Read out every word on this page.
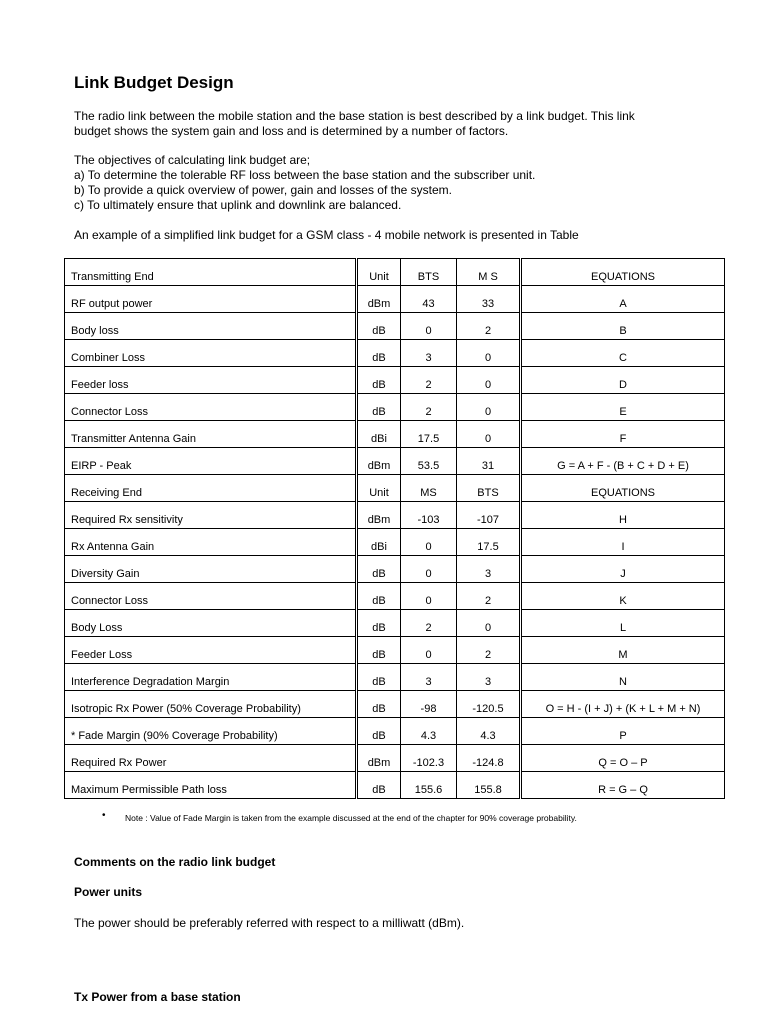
Link Budget Design

The radio link between the mobile station and the base station is best described by a link budget. This link
budget shows the system gain and loss and is determined by a number of factors.

The objectives of calculating link budget are;
a) To determine the tolerable RF loss between the base station and the subscriber unit.
b) To provide a quick overview of power, gain and losses of the system.
c) To ultimately ensure that uplink and downlink are balanced.

An example of a simplified link budget for a GSM class - 4 mobile network is presented in Table

Transmitting End	Unit	BTS	M S	EQUATIONS
RF output power	dBm	43	33	A
Body loss	dB	0	2	B
Combiner Loss	dB	3	0	C
Feeder loss	dB	2	0	D
Connector Loss	dB	2	0	E
Transmitter Antenna Gain	dBi	17.5	0	F
EIRP - Peak	dBm	53.5	31	G = A + F - (B + C + D + E)
Receiving End	Unit	MS	BTS	EQUATIONS
Required Rx sensitivity	dBm	-103	-107	H
Rx Antenna Gain	dBi	0	17.5	I
Diversity Gain	dB	0	3	J
Connector Loss	dB	0	2	K
Body Loss	dB	2	0	L
Feeder Loss	dB	0	2	M
Interference Degradation Margin	dB	3	3	N
Isotropic Rx Power (50% Coverage Probability)	dB	-98	-120.5	O = H - (I + J) + (K + L + M + N)
* Fade Margin (90% Coverage Probability)	dB	4.3	4.3	P
Required Rx Power	dBm	-102.3	-124.8	Q = O – P
Maximum Permissible Path loss	dB	155.6	155.8	R = G – Q
• Note : Value of Fade Margin is taken from the example discussed at the end of the chapter for 90% coverage probability.

Comments on the radio link budget
Power units

The power should be preferably referred with respect to a milliwatt (dBm).

Tx Power from a base station
